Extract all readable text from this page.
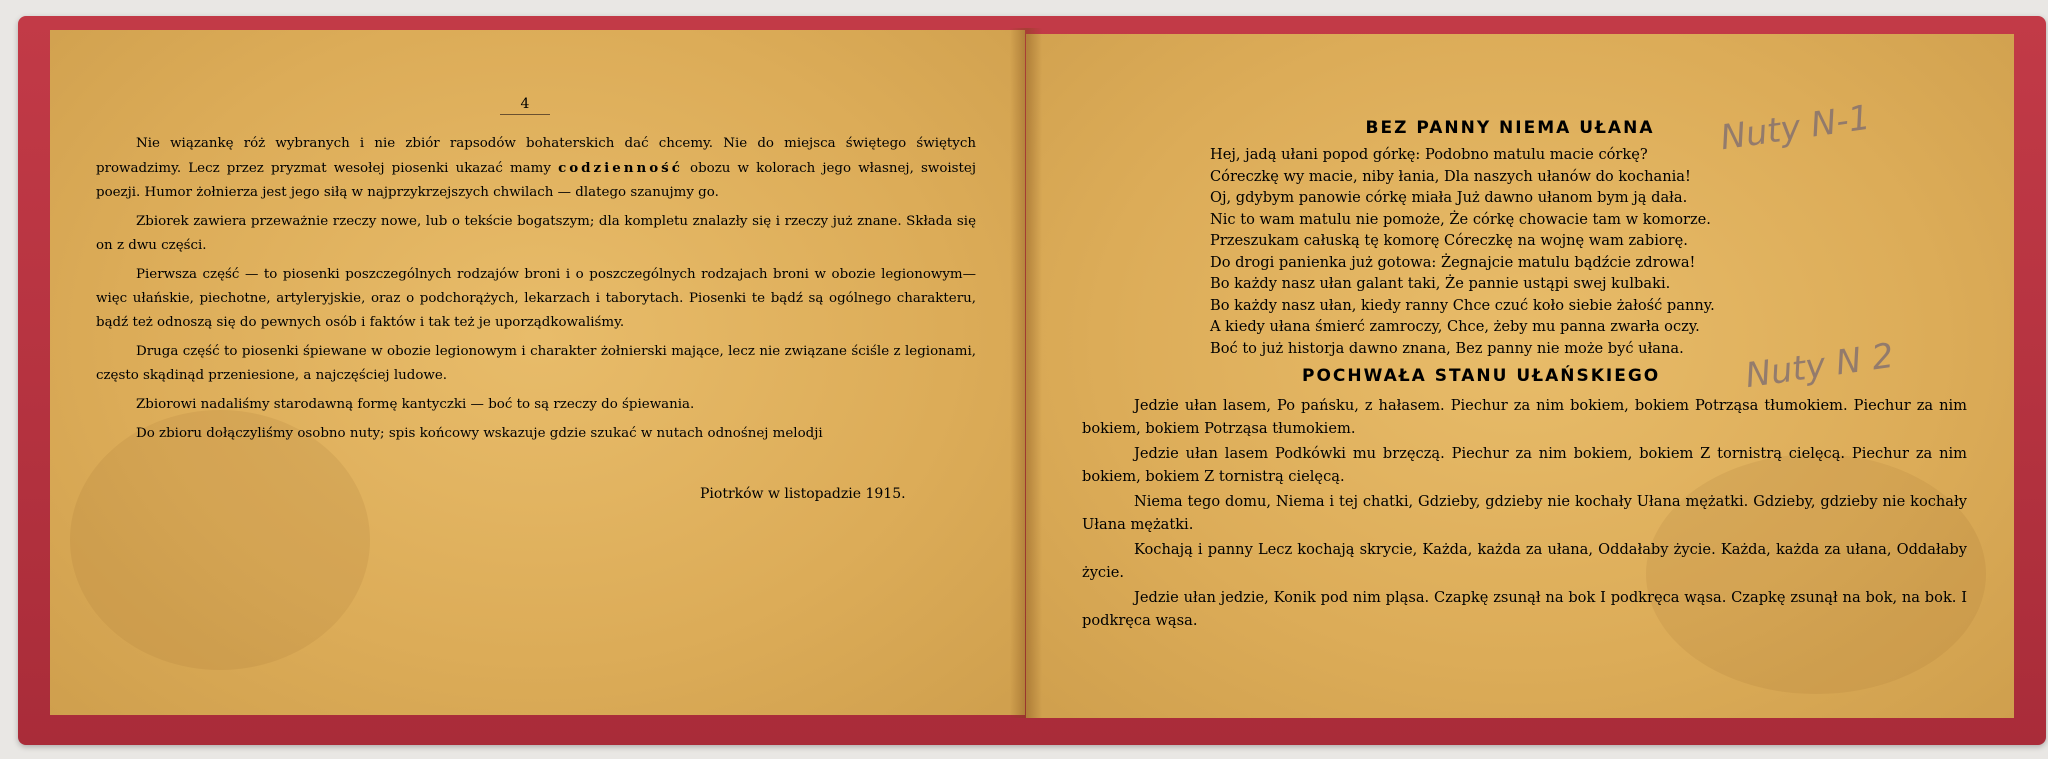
4

Nie wiązankę róż wybranych i nie zbiór rapsodów bohaterskich dać chcemy. Nie do miejsca świętego świętych prowadzimy. Lecz przez pryzmat wesołej piosenki ukazać mamy codzienność obozu w kolorach jego własnej, swoistej poezji. Humor żołnierza jest jego siłą w najprzykrzejszych chwilach — dlatego szanujmy go.

Zbiorek zawiera przeważnie rzeczy nowe, lub o tekście bogatszym; dla kompletu znalazły się i rzeczy już znane. Składa się on z dwu części.

Pierwsza część — to piosenki poszczególnych rodzajów broni i o poszczególnych rodzajach broni w obozie legionowym— więc ułańskie, piechotne, artyleryjskie, oraz o podchorążych, lekarzach i taborytach. Piosenki te bądź są ogólnego charakteru, bądź też odnoszą się do pewnych osób i faktów i tak też je uporządkowaliśmy.

Druga część to piosenki śpiewane w obozie legionowym i charakter żołnierski mające, lecz nie związane ściśle z legionami, często skądinąd przeniesione, a najczęściej ludowe.

Zbiorowi nadaliśmy starodawną formę kantyczki — boć to są rzeczy do śpiewania.

Do zbioru dołączyliśmy osobno nuty; spis końcowy wskazuje gdzie szukać w nutach odnośnej melodji

Piotrków w listopadzie 1915.
BEZ PANNY NIEMA UŁANA
Hej, jadą ułani popod górkę: Podobno matulu macie córkę?
Córeczkę wy macie, niby łania, Dla naszych ułanów do kochania!
Oj, gdybym panowie córkę miała Już dawno ułanom bym ją dała.
Nic to wam matulu nie pomoże, Że córkę chowacie tam w komorze.
Przeszukam całuską tę komorę Córeczkę na wojnę wam zabiorę.
Do drogi panienka już gotowa: Żegnajcie matulu bądźcie zdrowa!
Bo każdy nasz ułan galant taki, Że pannie ustąpi swej kulbaki.
Bo każdy nasz ułan, kiedy ranny Chce czuć koło siebie żałość panny.
A kiedy ułana śmierć zamroczy, Chce, żeby mu panna zwarła oczy.
Boć to już historja dawno znana, Bez panny nie może być ułana.
Nuty N-1
Nuty N 2
POCHWAŁA STANU UŁAŃSKIEGO

Jedzie ułan lasem, Po pańsku, z hałasem. Piechur za nim bokiem, bokiem Potrząsa tłumokiem. Piechur za nim bokiem, bokiem Potrząsa tłumokiem.

Jedzie ułan lasem Podkówki mu brzęczą. Piechur za nim bokiem, bokiem Z tornistrą cielęcą. Piechur za nim bokiem, bokiem Z tornistrą cielęcą.

Niema tego domu, Niema i tej chatki, Gdzieby, gdzieby nie kochały Ułana mężatki. Gdzieby, gdzieby nie kochały Ułana mężatki.

Kochają i panny Lecz kochają skrycie, Każda, każda za ułana, Oddałaby życie. Każda, każda za ułana, Oddałaby życie.

Jedzie ułan jedzie, Konik pod nim pląsa. Czapkę zsunął na bok I podkręca wąsa. Czapkę zsunął na bok, na bok. I podkręca wąsa.
